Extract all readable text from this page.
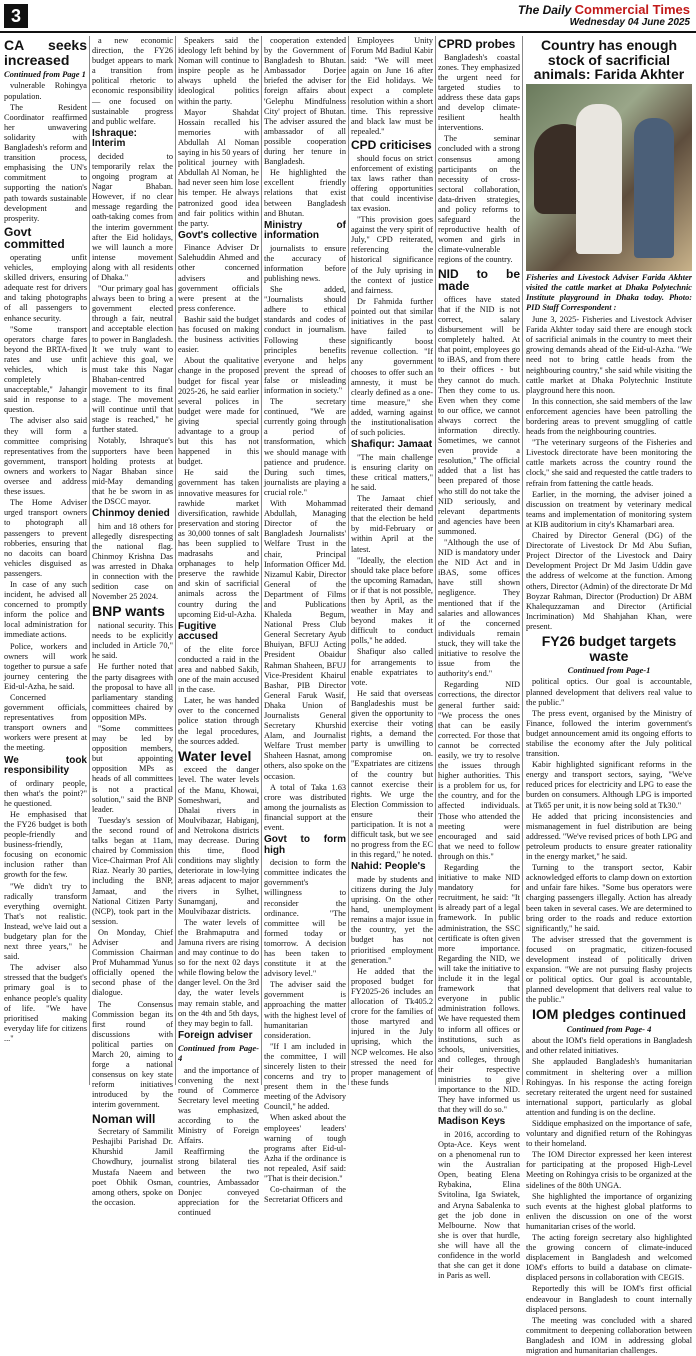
3	The Daily Commercial Times
Wednesday 04 June 2025
CA seeks increased
Continued from Page 1

vulnerable Rohingya population.

The Resident Coordinator reaffirmed her unwavering solidarity with Bangladesh's reform and transition process, emphasising the UN's commitment to supporting the nation's path towards sustainable development and prosperity.

Govt committed

operating unfit vehicles, employing skilled drivers, ensuring adequate rest for drivers and taking photographs of all passengers to enhance security.

"Some transport operators charge fares beyond the BRTA-fixed rates and use unfit vehicles, which is completely unacceptable," Jahangir said in response to a question.

The adviser also said they will form a committee comprising representatives from the government, transport owners and workers to oversee and address these issues.

The Home Adviser urged transport owners to photograph all passengers to prevent robberies, ensuring that no dacoits can board vehicles disguised as passengers.

In case of any such incident, he advised all concerned to promptly inform the police and local administration for immediate actions.

Police, workers and owners will work together to pursue a safe journey centering the Eid-ul-Azha, he said.

Concerned government officials, representatives from transport owners and workers were present at the meeting.

We took responsibility

of ordinary people, then what's the point?" he questioned.

He emphasised that the FY26 budget is both people-friendly and business-friendly, focusing on economic inclusion rather than growth for the few.

"We didn't try to radically transform everything overnight. That's not realistic. Instead, we've laid out a budgetary plan for the next three years," he said.

The adviser also stressed that the budget's primary goal is to enhance people's quality of life. "We have prioritised making everyday life for citizens ..."

a new economic direction, the FY26 budget appears to mark a transition from political rhetoric to economic responsibility — one focused on sustainable progress and public welfare.

Ishraque: Interim

decided to temporarily relax the ongoing program at Nagar Bhaban. However, if no clear message regarding the oath-taking comes from the interim government after the Eid holidays, we will launch a more intense movement along with all residents of Dhaka."

"Our primary goal has always been to bring a government elected through a fair, neutral and acceptable election to power in Bangladesh. It we truly want to achieve this goal, we must take this Nagar Bhaban-centred movement to its final stage. The movement will continue until that stage is reached," he further stated.

Notably, Ishraque's supporters have been holding protests at Nagar Bhaban since mid-May demanding that he be sworn in as the DSCC mayor.

Chinmoy denied

him and 18 others for allegedly disrespecting the national flag. Chinmoy Krishna Das was arrested in Dhaka in connection with the sedition case on November 25 2024.

BNP wants

national security. This needs to be explicitly included in Article 70," he said.

He further noted that the party disagrees with the proposal to have all parliamentary standing committees chaired by opposition MPs.

"Some committees may be led by opposition members, but appointing opposition MPs as heads of all committees is not a practical solution," said the BNP leader.

Tuesday's session of the second round of talks began at 11am, chaired by Commission Vice-Chairman Prof Ali Riaz. Nearly 30 parties, including the BNP, Jamaat, and the National Citizen Party (NCP), took part in the session.

On Monday, Chief Adviser and Commission Chairman Prof Muhammad Yunus officially opened the second phase of the dialogue.

The Consensus Commission began its first round of discussions with political parties on March 20, aiming to forge a national consensus on key state reform initiatives introduced by the interim government.

Noman will

Secretary of Sammilit Peshajibi Parishad Dr. Khurshid Jamil Chowdhury, journalist Mustafa Naeem and poet Obhik Osman, among others, spoke on the occasion.

Speakers said the ideology left behind by Noman will continue to inspire people as he always upheld the ideological politics within the party.

Mayor Shahdat Hossain recalled his memories with Abdullah Al Noman saying in his 50 years of political journey with Abdullah Al Noman, he had never seen him lose his temper. He always patronized good idea and fair politics within the party.

Govt's collective

Finance Adviser Dr Salehuddin Ahmed and other concerned advisers and government officials were present at the press conference.

Bashir said the budget has focused on making the business activities easier.

About the qualitative change in the proposed budget for fiscal year 2025-26, he said earlier several polices in budget were made for giving special advantage to a group but this has not happened in this budget.

He said the government has taken innovative measures for rawhide market diversification, rawhide preservation and storing as 30,000 tonnes of salt has been supplied to madrasahs and orphanages to help preserve the rawhide and skin of sacrificial animals across the country during the upcoming Eid-ul-Azha.

Fugitive accused

of the elite force conducted a raid in the area and nabbed Sakib, one of the main accused in the case.

Later, he was handed over to the concerned police station through the legal procedures, the sources added.

Water level

exceed the danger level. The water levels of the Manu, Khowai, Someshwari, and Dhalai rivers in Moulvibazar, Habiganj, and Netrokona districts may decrease. During this time, flood conditions may slightly deteriorate in low-lying areas adjacent to major rivers in Sylhet, Sunamganj, and Moulvibazar districts.

The water levels of the Brahmaputra and Jamuna rivers are rising and may continue to do so for the next 02 days while flowing below the danger level. On the 3rd day, the water levels may remain stable, and on the 4th and 5th days, they may begin to fall.

Foreign adviser
Continued from Page- 4

and the importance of convening the next round of Commerce Secretary level meeting was emphasized, according to the Ministry of Foreign Affairs.

Reaffirming the strong bilateral ties between the two countries, Ambassador Donjec conveyed appreciation for the continued

cooperation extended by the Government of Bangladesh to Bhutan. Ambassador Dorjee briefed the adviser for foreign affairs about 'Gelephu Mindfulness City' project of Bhutan. The adviser assured the ambassador of all possible cooperation during her tenure in Bangladesh.

He highlighted the excellent friendly relations that exist between Bangladesh and Bhutan.

Ministry of information

journalists to ensure the accuracy of information before publishing news.

She added, "Journalists should adhere to ethical standards and codes of conduct in journalism. Following these principles benefits everyone and helps prevent the spread of false or misleading information in society."

The secretary continued, "We are currently going through a period of transformation, which we should manage with patience and prudence. During such times, journalists are playing a crucial role."

With Mohammad Abdullah, Managing Director of the Bangladesh Journalists' Welfare Trust in the chair, Principal Information Officer Md. Nizamul Kabir, Director General of the Department of Films and Publications Khaleda Begum, National Press Club General Secretary Ayub Bhuiyan, BFUJ Acting President Obaidur Rahman Shaheen, BFUJ Vice-President Khairul Bashar, PIB Director General Faruk Wasif, Dhaka Union of Journalists General Secretary Khurshid Alam, and Journalist Welfare Trust member Shaheen Hasnat, among others, also spoke on the occasion.

A total of Taka 1.63 crore was distributed among the journalists as financial support at the event.

Govt to form high

decision to form the committee indicates the government's willingness to reconsider the ordinance. "The committee will be formed today or tomorrow. A decision has been taken to constitute it at the advisory level."

The adviser said the government is approaching the matter with the highest level of humanitarian consideration.

"If I am included in the committee, I will sincerely listen to their concerns and try to present them in the meeting of the Advisory Council," he added.

When asked about the employees' leaders' warning of tough programs after Eid-ul-Azha if the ordinance is not repealed, Asif said: "That is their decision."

Co-chairman of the Secretariat Officers and

Employees Unity Forum Md Badiul Kabir said: "We will meet again on June 16 after the Eid holidays. We expect a complete resolution within a short time. This repressive and black law must be repealed."

CPD criticises

should focus on strict enforcement of existing tax laws rather than offering opportunities that could incentivise tax evasion.

"This provision goes against the very spirit of July," CPD reiterated, referencing the historical significance of the July uprising in the context of justice and fairness.

Dr Fahmida further pointed out that similar initiatives in the past have failed to significantly boost revenue collection. "If any government chooses to offer such an amnesty, it must be clearly defined as a one-time measure," she added, warning against the institutionalisation of such policies.

Shafiqur: Jamaat

"The main challenge is ensuring clarity on these critical matters," he said.

The Jamaat chief reiterated their demand that the election be held by mid-February or within April at the latest.

"Ideally, the election should take place before the upcoming Ramadan, or if that is not possible, then by April, as the weather in May and beyond makes it difficult to conduct polls," he added.

Shafiqur also called for arrangements to enable expatriates to vote.

He said that overseas Bangladeshis must be given the opportunity to exercise their voting rights, a demand the party is unwilling to compromise on. "Expatriates are citizens of the country but cannot exercise their rights. We urge the Election Commission to ensure their participation. It is not a difficult task, but we see no progress from the EC in this regard," he noted.

Nahid: People's

made by students and citizens during the July uprising. On the other hand, unemployment remains a major issue in the country, yet the budget has not prioritised employment generation."

He added that the proposed budget for FY2025-26 includes an allocation of Tk405.2 crore for the families of those martyred and injured in the July uprising, which the NCP welcomes. He also stressed the need for proper management of these funds

CPRD probes

Bangladesh's coastal zones. They emphasized the urgent need for targeted studies to address these data gaps and develop climate-resilient health interventions.

The seminar concluded with a strong consensus among participants on the necessity of cross-sectoral collaboration, data-driven strategies, and policy reforms to safeguard the reproductive health of women and girls in climate-vulnerable regions of the country.

NID to be made

offices have stated that if the NID is not correct, salary disbursement will be completely halted. At that point, employees go to iBAS, and from there to their offices - but they cannot do much. Then they come to us. Even when they come to our office, we cannot always correct the information directly. Sometimes, we cannot even provide a resolution," The official added that a list has been prepared of those who still do not take the NID seriously, and relevant departments and agencies have been summoned.

"Although the use of NID is mandatory under the NID Act and in iBAS, some offices have still shown negligence. They mentioned that if the salaries and allowances of the concerned individuals remain stuck, they will take the initiative to resolve the issue from the authority's end."

Regarding NID corrections, the director general further said: "We process the ones that can be easily corrected. For those that cannot be corrected easily, we try to resolve the issues through higher authorities. This is a problem for us, for the country, and for the affected individuals. Those who attended the meeting were encouraged and said that we need to follow through on this."

Regarding the initiative to make NID mandatory for recruitment, he said: "It is already part of a legal framework. In public administration, the SSC certificate is often given more importance. Regarding the NID, we will take the initiative to include it in the legal framework that everyone in public administration follows. We have requested them to inform all offices or institutions, such as schools, universities, and colleges, through their respective ministries to give importance to the NID. They have informed us that they will do so."

Madison Keys

in 2016, according to Opta-Ace. Keys went on a phenomenal run to win the Australian Open, beating Elena Rybakina, Elina Svitolina, Iga Swiatek, and Aryna Sabalenka to get the job done in Melbourne. Now that she is over that hurdle, she will have all the confidence in the world that she can get it done in Paris as well.

Country has enough stock of sacrificial animals: Farida Akhter
Fisheries and Livestock Adviser Farida Akhter visited the cattle market at Dhaka Polytechnic Institute playground in Dhaka today. Photo: PID Staff Correspondent :

June 3, 2025- Fisheries and Livestock Adviser Farida Akhter today said there are enough stock of sacrificial animals in the country to meet their growing demands ahead of the Eid-ul-Azha. "We need not to bring cattle heads from the neighbouring country," she said while visiting the cattle market at Dhaka Polytechnic Institute playground here this noon.

In this connection, she said members of the law enforcement agencies have been patrolling the bordering areas to prevent smuggling of cattle heads from the neighbouring countries.

"The veterinary surgeons of the Fisheries and Livestock directorate have been monitoring the cattle markets across the country round the clock," she said and requested the cattle traders to refrain from fattening the cattle heads.

Earlier, in the morning, the adviser joined a discussion on treatment by veterinary medical teams and implementation of monitoring system at KIB auditorium in city's Khamarbari area.

Chaired by Director General (DG) of the Directorate of Livestock Dr Md Abu Sufian, Project Director of the Livestock and Dairy Development Project Dr Md Jasim Uddin gave the address of welcome at the function. Among others, Director (Admin) of the directorate Dr Md Boyzar Rahman, Director (Production) Dr ABM Khalequzzaman and Director (Artificial Incrimination) Md Shahjahan Khan, were present.

FY26 budget targets waste
Continued from Page-1

political optics. Our goal is accountable, planned development that delivers real value to the public."

The press event, organised by the Ministry of Finance, followed the interim government's budget announcement amid its ongoing efforts to stabilise the economy after the July political transition.

Kabir highlighted significant reforms in the energy and transport sectors, saying, "We've reduced prices for electricity and LPG to ease the burden on consumers. Although LPG is imported at Tk65 per unit, it is now being sold at Tk30."

He added that pricing inconsistencies and mismanagement in fuel distribution are being addressed. "We've revised prices of both LPG and petroleum products to ensure greater rationality in the energy market," he said.

Turning to the transport sector, Kabir acknowledged efforts to clamp down on extortion and unfair fare hikes. "Some bus operators were charging passengers illegally. Action has already been taken in several cases. We are determined to bring order to the roads and reduce extortion significantly," he said.

The adviser stressed that the government is focused on pragmatic, citizen-focused development instead of politically driven expansion. "We are not pursuing flashy projects or political optics. Our goal is accountable, planned development that delivers real value to the public."

IOM pledges continued
Continued from Page- 4

about the IOM's field operations in Bangladesh and other related initiatives.

She applauded Bangladesh's humanitarian commitment in sheltering over a million Rohingyas. In his response the acting foreign secretary reiterated the urgent need for sustained international support, particularly as global attention and funding is on the decline.

Siddique emphasized on the importance of safe, voluntary and dignified return of the Rohingyas to their homeland.

The IOM Director expressed her keen interest for participating at the proposed High-Level Meeting on Rohingya crisis to be organized at the sidelines of the 80th UNGA.

She highlighted the importance of organizing such events at the highest global platforms to enliven the discussion on one of the worst humanitarian crises of the world.

The acting foreign secretary also highlighted the growing concern of climate-induced displacement in Bangladesh and welcomed IOM's efforts to build a database on climate-displaced persons in collaboration with CEGIS.

Reportedly this will be IOM's first official endeavour in Bangladesh to count internally displaced persons.

The meeting was concluded with a shared commitment to deepening collaboration between Bangladesh and IOM in addressing global migration and humanitarian challenges.
